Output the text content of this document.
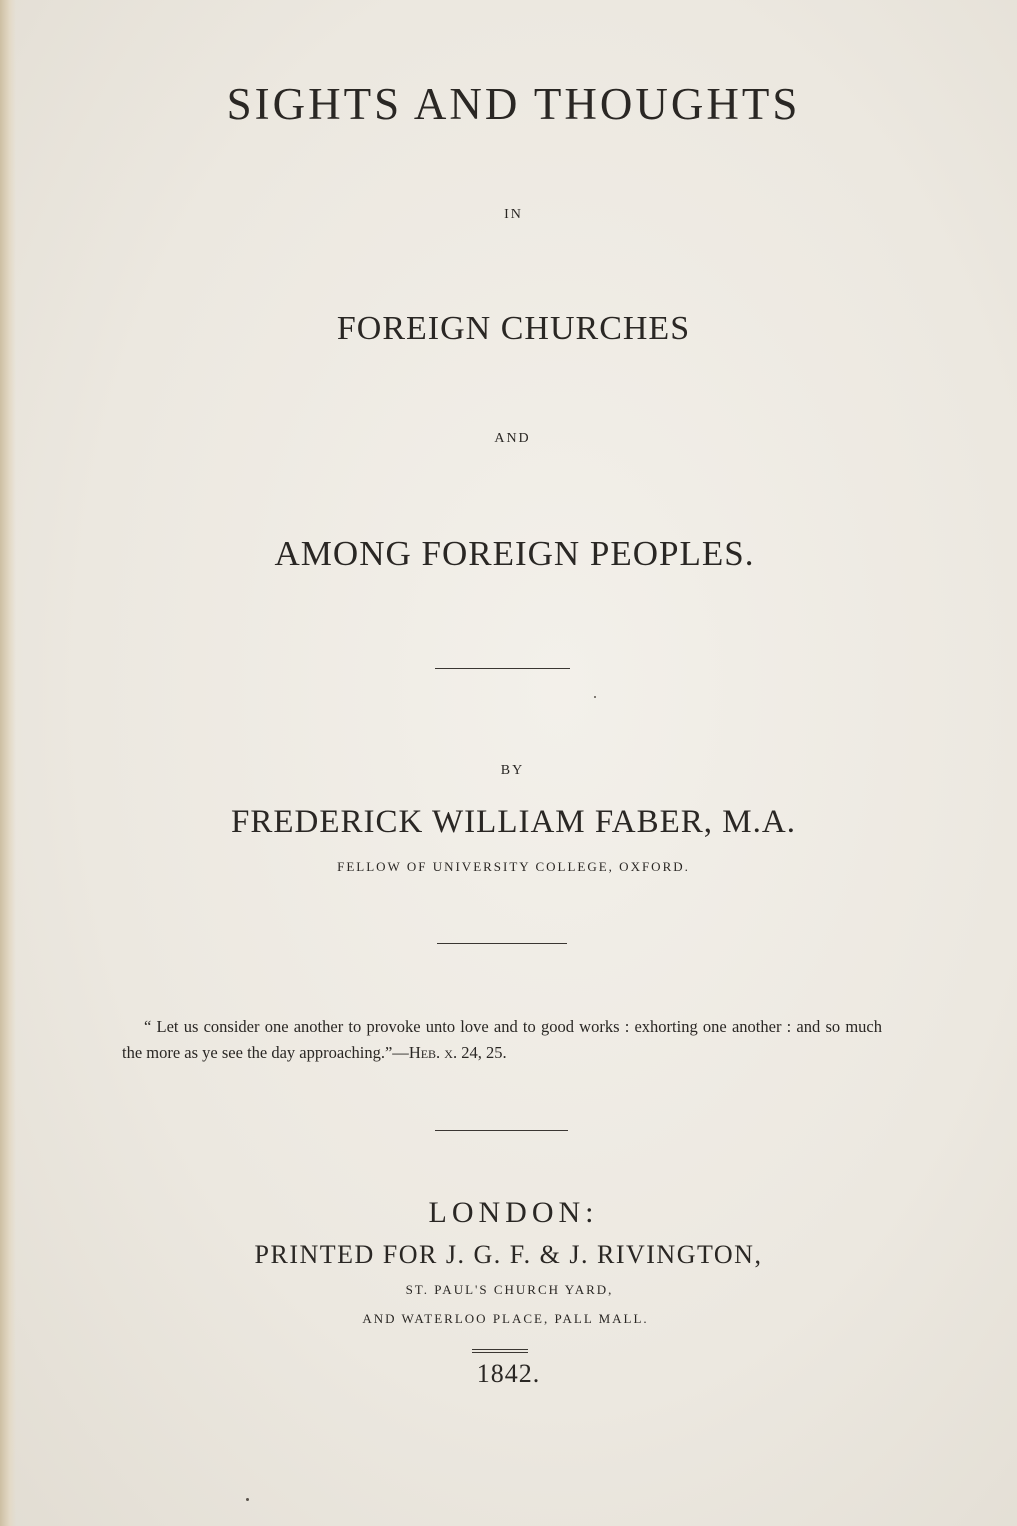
SIGHTS AND THOUGHTS
IN
FOREIGN CHURCHES
AND
AMONG FOREIGN PEOPLES.
BY
FREDERICK WILLIAM FABER, M.A.
FELLOW OF UNIVERSITY COLLEGE, OXFORD.
“ Let us consider one another to provoke unto love and to good works : exhorting one another : and so much the more as ye see the day approaching.”—Heb. x. 24, 25.
LONDON:
PRINTED FOR J. G. F. & J. RIVINGTON,
ST. PAUL'S CHURCH YARD,
AND WATERLOO PLACE, PALL MALL.
1842.
